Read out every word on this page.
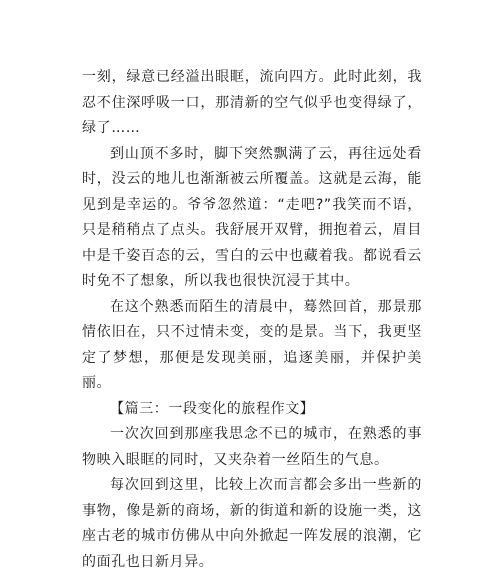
一刻，绿意已经溢出眼眶，流向四方。此时此刻，我忍不住深呼吸一口，那清新的空气似乎也变得绿了，绿了……

到山顶不多时，脚下突然飘满了云，再往远处看时，没云的地儿也渐渐被云所覆盖。这就是云海，能见到是幸运的。爷爷忽然道：“走吧?”我笑而不语，只是稍稍点了点头。我舒展开双臂，拥抱着云，眉目中是千姿百态的云，雪白的云中也藏着我。都说看云时免不了想象，所以我也很快沉浸于其中。

在这个熟悉而陌生的清晨中，蓦然回首，那景那情依旧在，只不过情未变，变的是景。当下，我更坚定了梦想，那便是发现美丽，追逐美丽，并保护美丽。

【篇三：一段变化的旅程作文】

一次次回到那座我思念不已的城市，在熟悉的事物映入眼眶的同时，又夹杂着一丝陌生的气息。

每次回到这里，比较上次而言都会多出一些新的事物，像是新的商场，新的街道和新的设施一类，这座古老的城市仿佛从中向外掀起一阵发展的浪潮，它的面孔也日新月异。
